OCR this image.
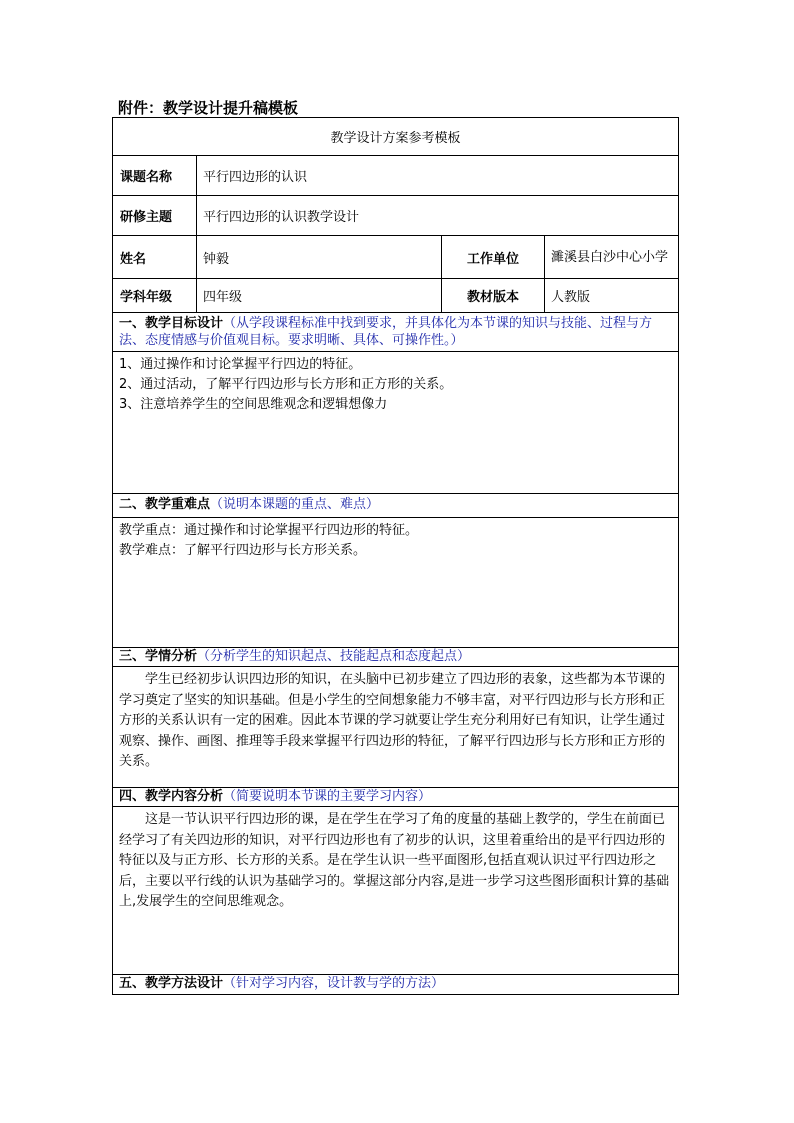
附件：教学设计提升稿模板
教学设计方案参考模板			
课题名称	平行四边形的认识		
研修主题	平行四边形的认识教学设计		
姓名	钟毅	工作单位	濉溪县白沙中心小学
学科年级	四年级	教材版本	人教版
一、教学目标设计（从学段课程标准中找到要求，并具体化为本节课的知识与技能、过程与方法、态度情感与价值观目标。要求明晰、具体、可操作性。）			

1、通过操作和讨论掌握平行四边的特征。
2、通过活动，了解平行四边形与长方形和正方形的关系。
3、注意培养学生的空间思维观念和逻辑想像力			

二、教学重难点（说明本课题的重点、难点）			

教学重点：通过操作和讨论掌握平行四边形的特征。
教学难点：了解平行四边形与长方形关系。			

三、学情分析（分析学生的知识起点、技能起点和态度起点）			

学生已经初步认识四边形的知识，在头脑中已初步建立了四边形的表象，这些都为本节课的学习奠定了坚实的知识基础。但是小学生的空间想象能力不够丰富，对平行四边形与长方形和正方形的关系认识有一定的困难。因此本节课的学习就要让学生充分利用好已有知识，让学生通过观察、操作、画图、推理等手段来掌握平行四边形的特征，了解平行四边形与长方形和正方形的关系。			

四、教学内容分析（简要说明本节课的主要学习内容）			

这是一节认识平行四边形的课，是在学生在学习了角的度量的基础上教学的，学生在前面已经学习了有关四边形的知识，对平行四边形也有了初步的认识，这里着重给出的是平行四边形的特征以及与正方形、长方形的关系。是在学生认识一些平面图形,包括直观认识过平行四边形之后，主要以平行线的认识为基础学习的。掌握这部分内容,是进一步学习这些图形面积计算的基础上,发展学生的空间思维观念。			

五、教学方法设计（针对学习内容，设计教与学的方法）			
